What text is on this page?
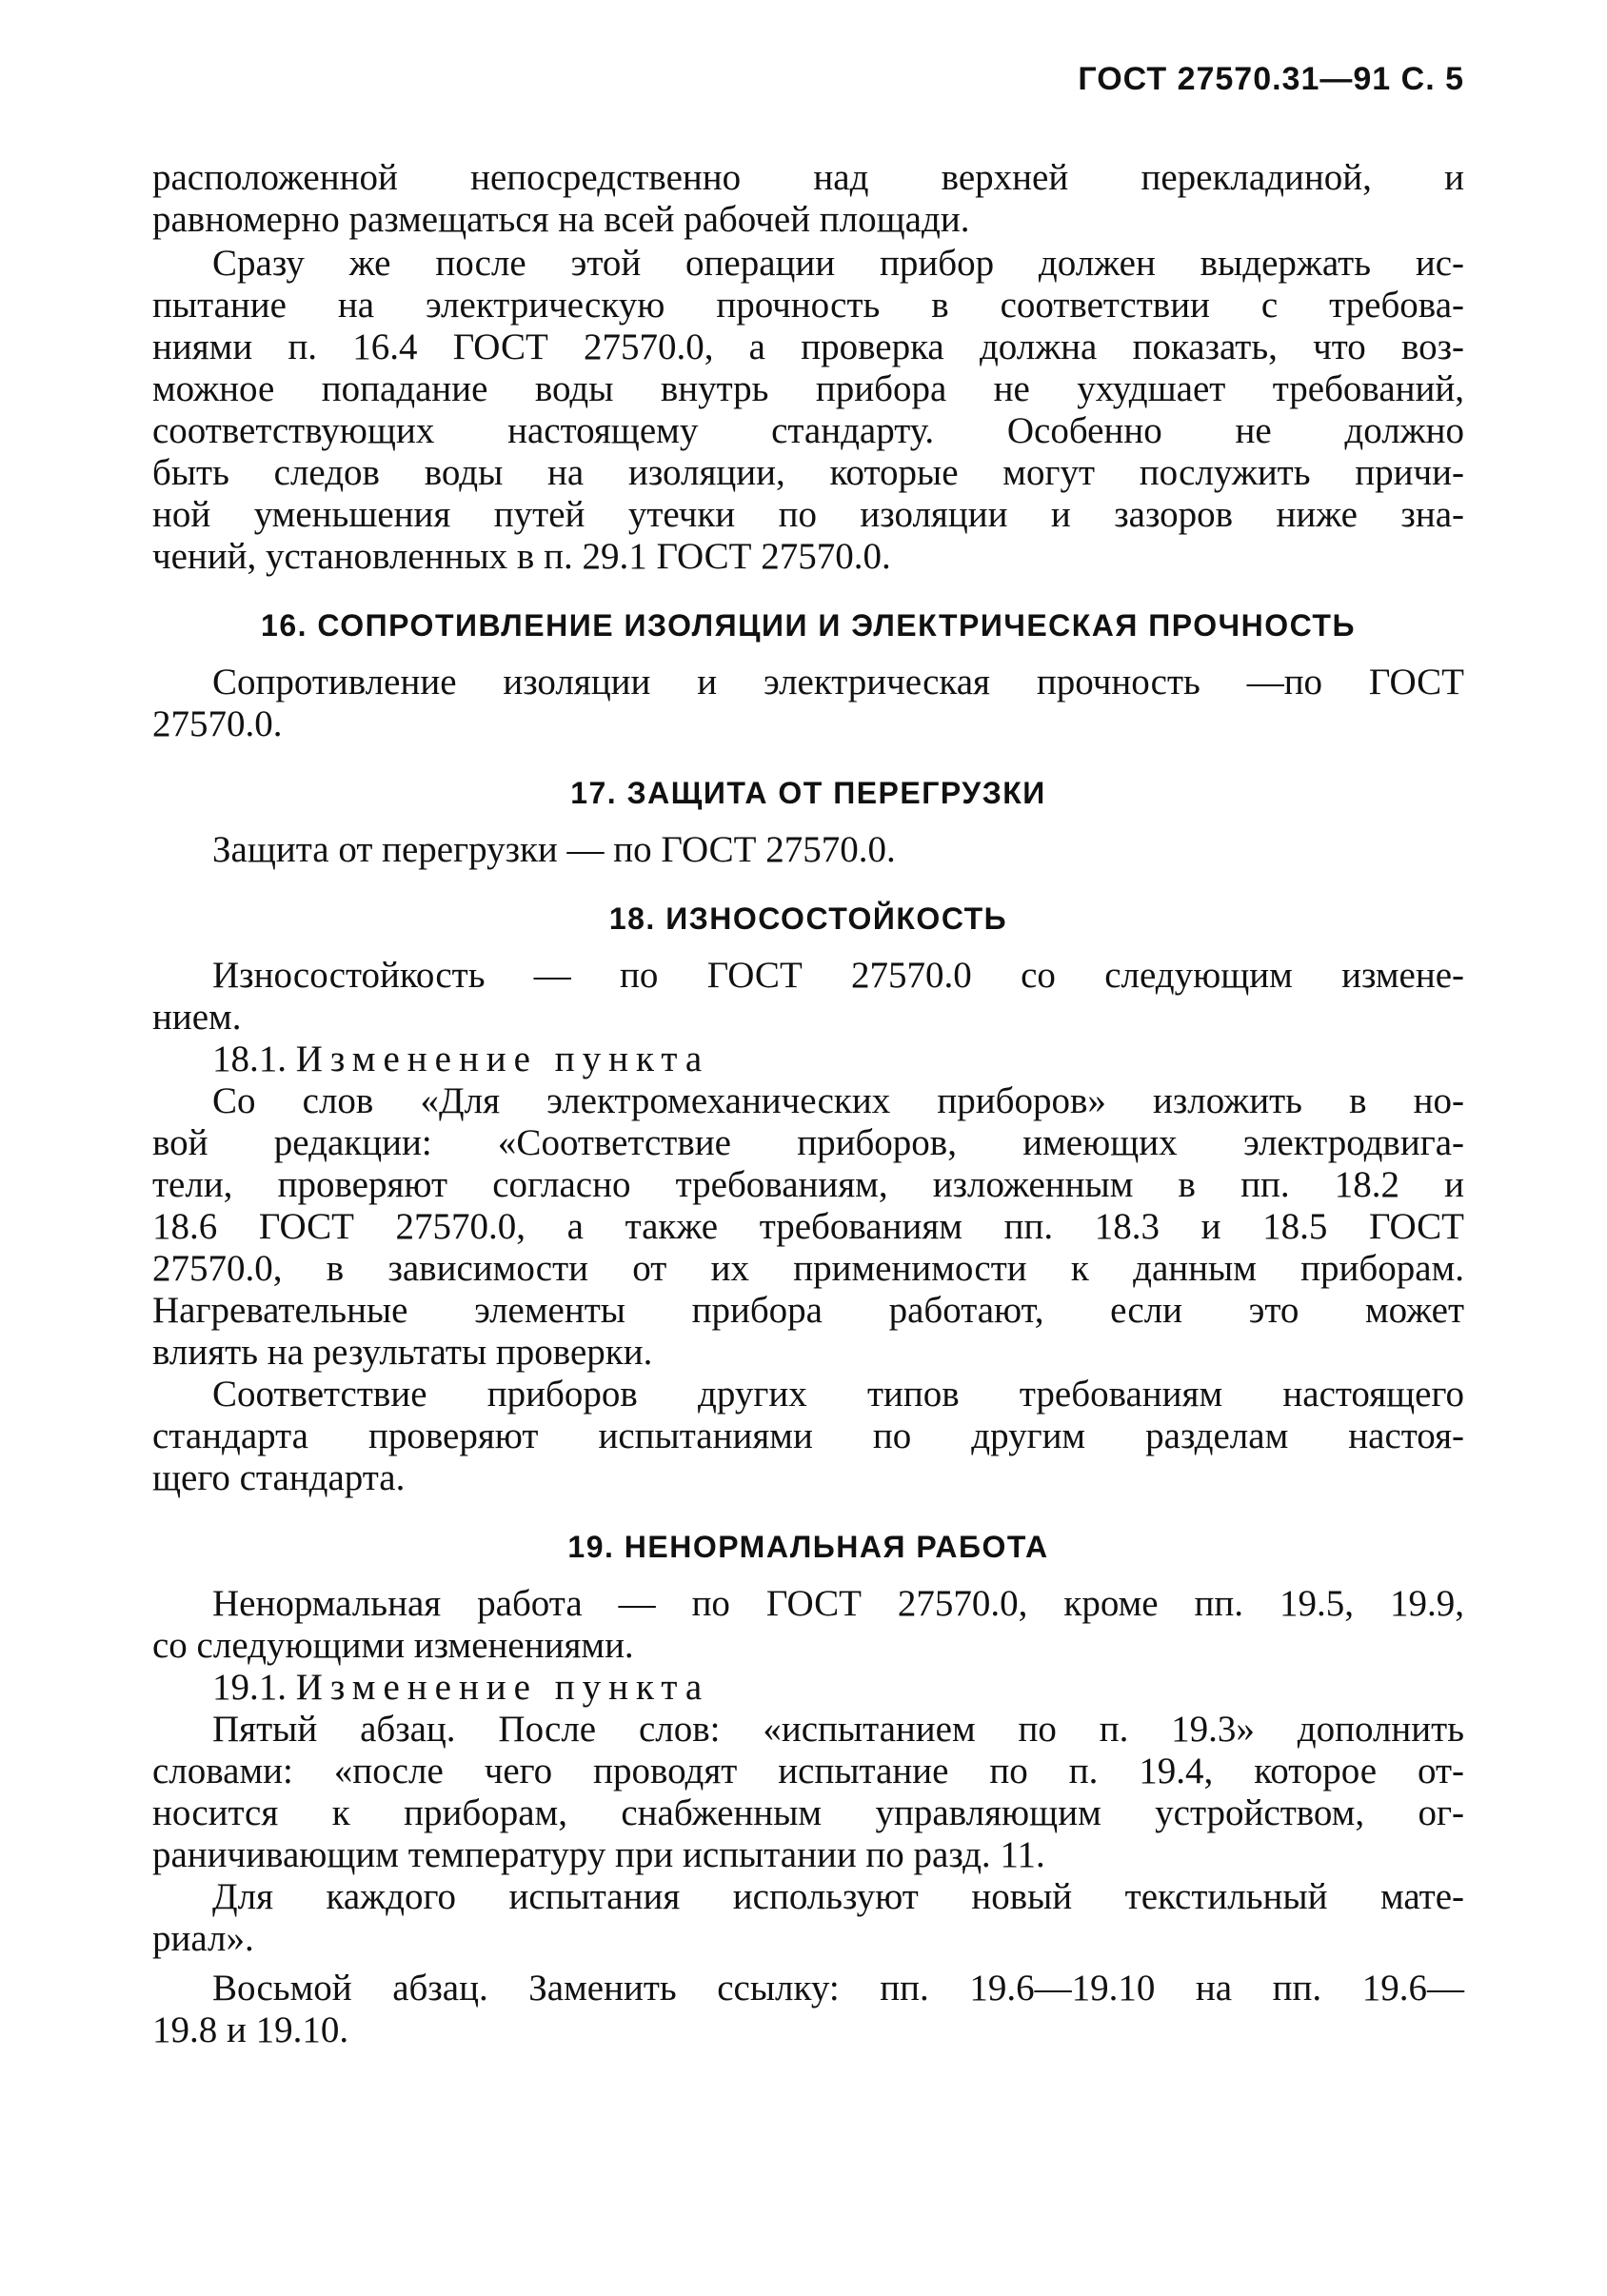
ГОСТ 27570.31—91 С. 5

расположенной непосредственно над верхней перекладиной, и
равномерно размещаться на всей рабочей площади.

Сразу же после этой операции прибор должен выдержать ис-
пытание на электрическую прочность в соответствии с требова-
ниями п. 16.4 ГОСТ 27570.0, а проверка должна показать, что воз-
можное попадание воды внутрь прибора не ухудшает требований,
соответствующих настоящему стандарту. Особенно не должно
быть следов воды на изоляции, которые могут послужить причи-
ной уменьшения путей утечки по изоляции и зазоров ниже зна-
чений, установленных в п. 29.1 ГОСТ 27570.0.

16. СОПРОТИВЛЕНИЕ ИЗОЛЯЦИИ И ЭЛЕКТРИЧЕСКАЯ ПРОЧНОСТЬ

Сопротивление изоляции и электрическая прочность —по ГОСТ
27570.0.

17. ЗАЩИТА ОТ ПЕРЕГРУЗКИ

Защита от перегрузки — по ГОСТ 27570.0.

18. ИЗНОСОСТОЙКОСТЬ

Износостойкость — по ГОСТ 27570.0 со следующим измене-
нием.

18.1. Изменение пункта

Со слов «Для электромеханических приборов» изложить в но-
вой редакции: «Соответствие приборов, имеющих электродвига-
тели, проверяют согласно требованиям, изложенным в пп. 18.2 и
18.6 ГОСТ 27570.0, а также требованиям пп. 18.3 и 18.5 ГОСТ
27570.0, в зависимости от их применимости к данным приборам.
Нагревательные элементы прибора работают, если это может
влиять на результаты проверки.

Соответствие приборов других типов требованиям настоящего
стандарта проверяют испытаниями по другим разделам настоя-
щего стандарта.

19. НЕНОРМАЛЬНАЯ РАБОТА

Ненормальная работа — по ГОСТ 27570.0, кроме пп. 19.5, 19.9,
со следующими изменениями.

19.1. Изменение пункта

Пятый абзац. После слов: «испытанием по п. 19.3» дополнить
словами: «после чего проводят испытание по п. 19.4, которое от-
носится к приборам, снабженным управляющим устройством, ог-
раничивающим температуру при испытании по разд. 11.

Для каждого испытания используют новый текстильный мате-
риал».

Восьмой абзац. Заменить ссылку: пп. 19.6—19.10 на пп. 19.6—
19.8 и 19.10.
